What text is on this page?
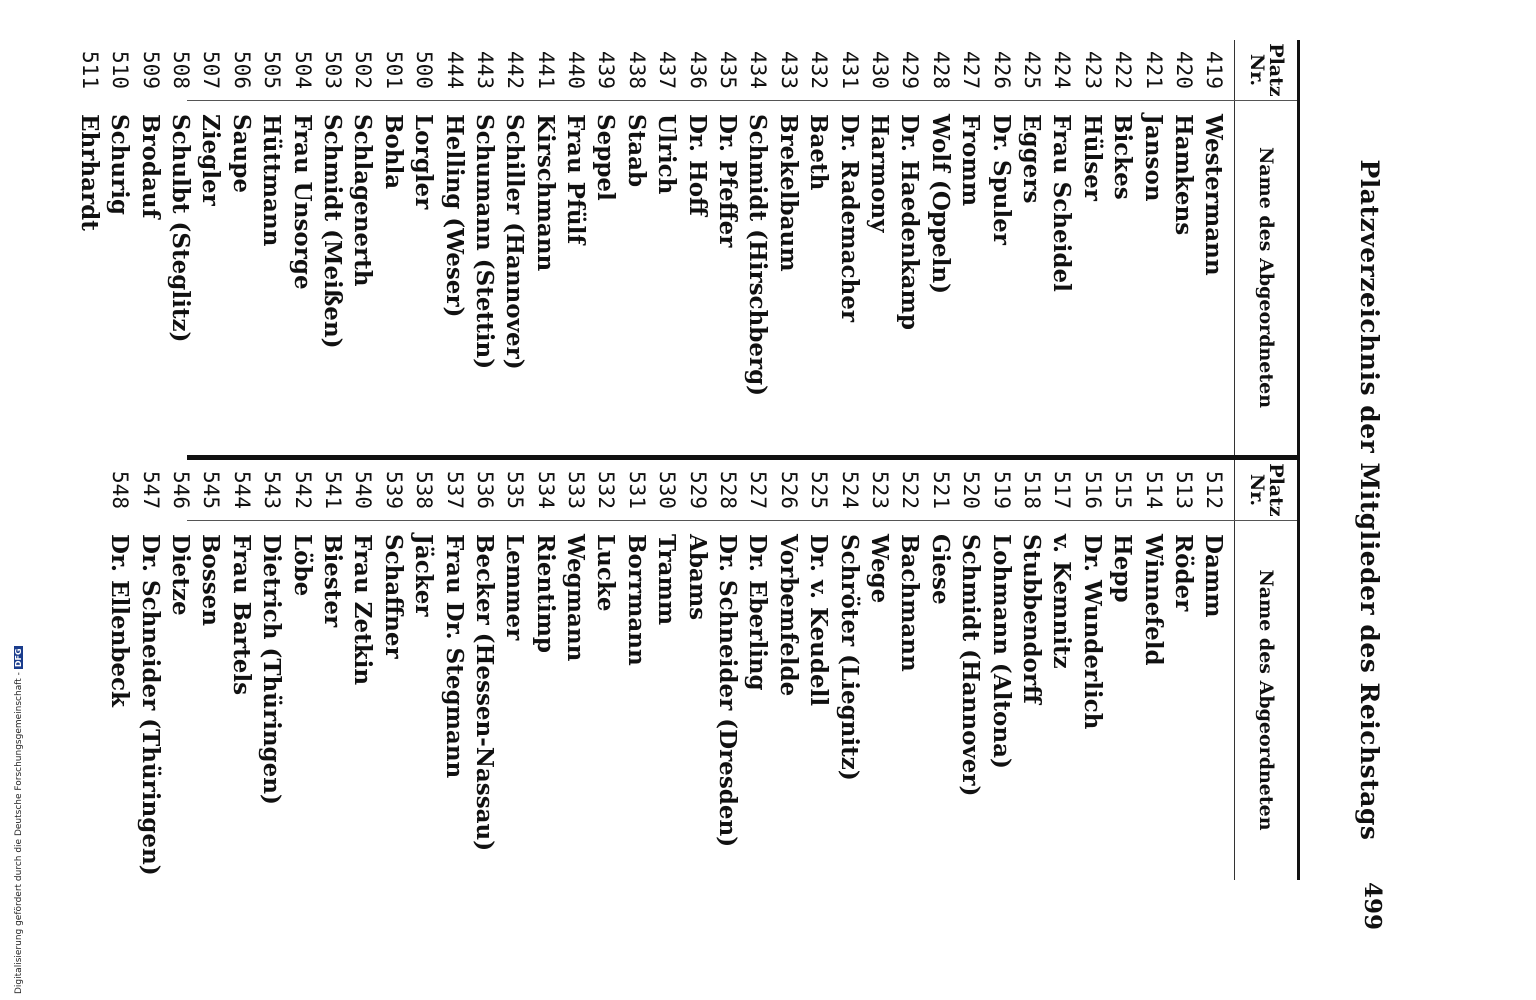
Platzverzeichnis der Mitglieder des Reichstags
499
Platz Nr.
Name des Abgeordneten
Platz Nr.
Name des Abgeordneten
419
Westermann
420
Hamkens
421
Janson
422
Bickes
423
Hülser
424
Frau Scheidel
425
Eggers
426
Dr. Spuler
427
Fromm
428
Wolf (Oppeln)
429
Dr. Haedenkamp
430
Harmony
431
Dr. Rademacher
432
Baeth
433
Brekelbaum
434
Schmidt (Hirschberg)
435
Dr. Pfeffer
436
Dr. Hoff
437
Ulrich
438
Staab
439
Seppel
440
Frau Pfülf
441
Kirschmann
442
Schiller (Hannover)
443
Schumann (Stettin)
444
Helling (Weser)
500
Lorgler
501
Bohla
502
Schlagenerth
503
Schmidt (Meißen)
504
Frau Unsorge
505
Hüttmann
506
Saupe
507
Ziegler
508
Schulbt (Steglitz)
509
Brodauf
510
Schurig
511
Ehrhardt
512
Damm
513
Röder
514
Winnefeld
515
Hepp
516
Dr. Wunderlich
517
v. Kemnitz
518
Stubbendorff
519
Lohmann (Altona)
520
Schmidt (Hannover)
521
Giese
522
Bachmann
523
Wege
524
Schröter (Liegnitz)
525
Dr. v. Keudell
526
Vorbemfelde
527
Dr. Eberling
528
Dr. Schneider (Dresden)
529
Abams
530
Tramm
531
Borrmann
532
Lucke
533
Wegmann
534
Rientimp
535
Lemmer
536
Becker (Hessen-Nassau)
537
Frau Dr. Stegmann
538
Jäcker
539
Schaffner
540
Frau Zetkin
541
Biester
542
Löbe
543
Dietrich (Thüringen)
544
Frau Bartels
545
Bossen
546
Dietze
547
Dr. Schneider (Thüringen)
548
Dr. Ellenbeck
Digitalisierung gefördert durch die Deutsche Forschungsgemeinschaft -DFG
